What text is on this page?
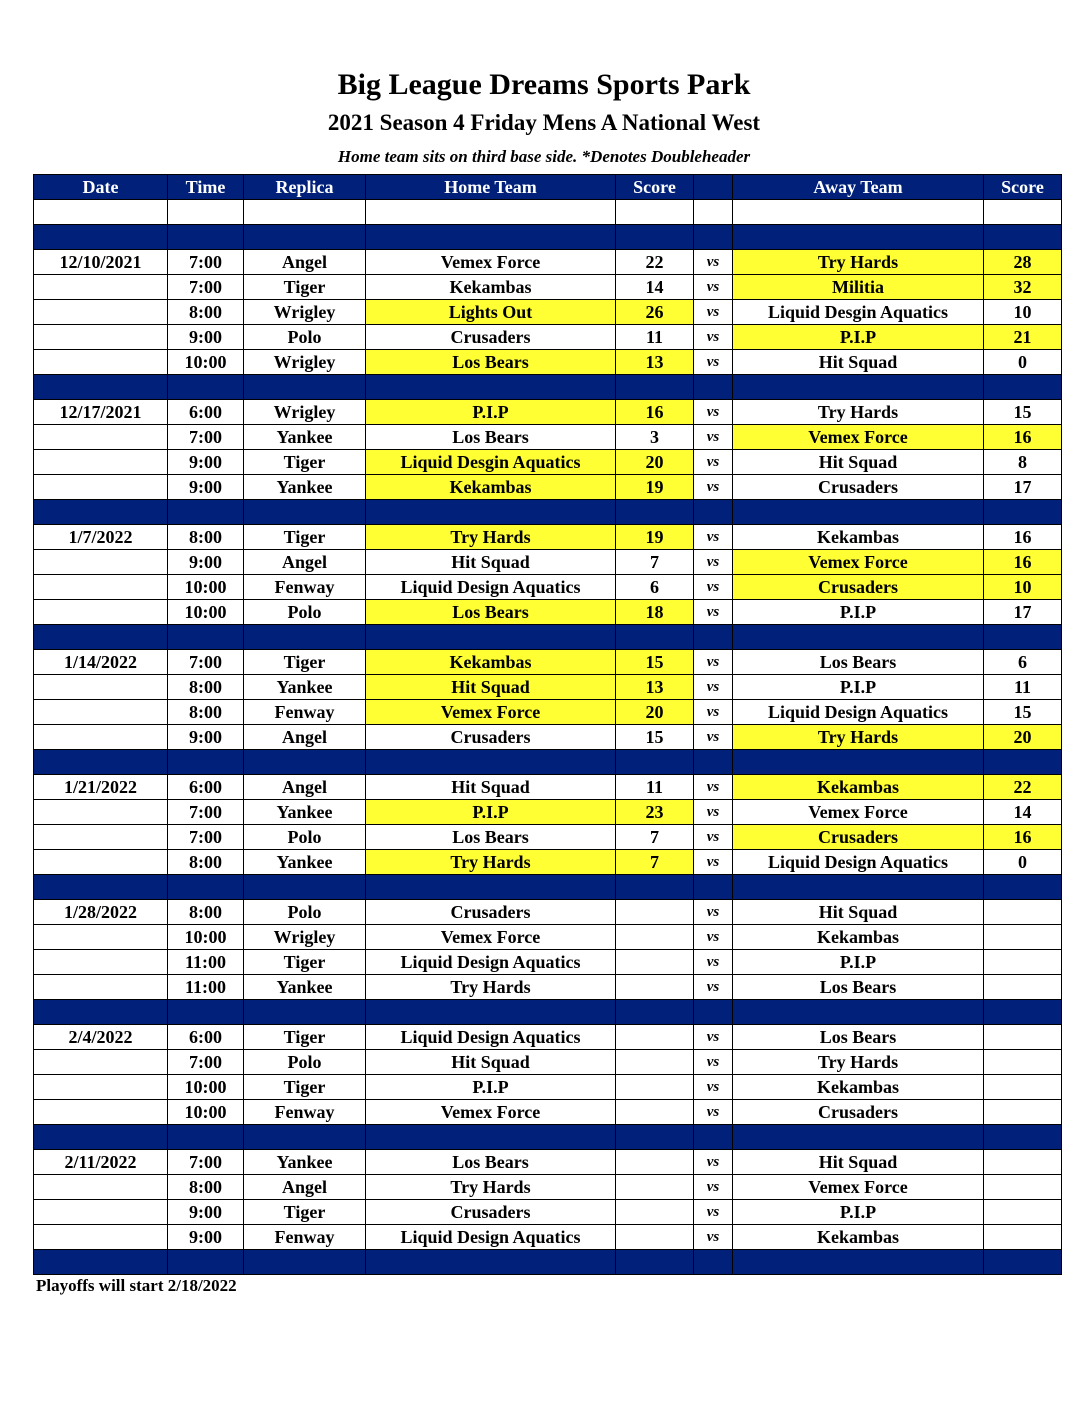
Big League Dreams Sports Park
2021 Season 4 Friday Mens A National West
Home team sits on third base side. *Denotes Doubleheader
Date	Time	Replica	Home Team	Score		Away Team	Score

12/10/2021	7:00	Angel	Vemex Force	22	vs	Try Hards	28
	7:00	Tiger	Kekambas	14	vs	Militia	32
	8:00	Wrigley	Lights Out	26	vs	Liquid Desgin Aquatics	10
	9:00	Polo	Crusaders	11	vs	P.I.P	21
	10:00	Wrigley	Los Bears	13	vs	Hit Squad	0

12/17/2021	6:00	Wrigley	P.I.P	16	vs	Try Hards	15
	7:00	Yankee	Los Bears	3	vs	Vemex Force	16
	9:00	Tiger	Liquid Desgin Aquatics	20	vs	Hit Squad	8
	9:00	Yankee	Kekambas	19	vs	Crusaders	17

1/7/2022	8:00	Tiger	Try Hards	19	vs	Kekambas	16
	9:00	Angel	Hit Squad	7	vs	Vemex Force	16
	10:00	Fenway	Liquid Design Aquatics	6	vs	Crusaders	10
	10:00	Polo	Los Bears	18	vs	P.I.P	17

1/14/2022	7:00	Tiger	Kekambas	15	vs	Los Bears	6
	8:00	Yankee	Hit Squad	13	vs	P.I.P	11
	8:00	Fenway	Vemex Force	20	vs	Liquid Design Aquatics	15
	9:00	Angel	Crusaders	15	vs	Try Hards	20

1/21/2022	6:00	Angel	Hit Squad	11	vs	Kekambas	22
	7:00	Yankee	P.I.P	23	vs	Vemex Force	14
	7:00	Polo	Los Bears	7	vs	Crusaders	16
	8:00	Yankee	Try Hards	7	vs	Liquid Design Aquatics	0

1/28/2022	8:00	Polo	Crusaders		vs	Hit Squad	
	10:00	Wrigley	Vemex Force		vs	Kekambas	
	11:00	Tiger	Liquid Design Aquatics		vs	P.I.P	
	11:00	Yankee	Try Hards		vs	Los Bears	

2/4/2022	6:00	Tiger	Liquid Design Aquatics		vs	Los Bears	
	7:00	Polo	Hit Squad		vs	Try Hards	
	10:00	Tiger	P.I.P		vs	Kekambas	
	10:00	Fenway	Vemex Force		vs	Crusaders	

2/11/2022	7:00	Yankee	Los Bears		vs	Hit Squad	
	8:00	Angel	Try Hards		vs	Vemex Force	
	9:00	Tiger	Crusaders		vs	P.I.P	
	9:00	Fenway	Liquid Design Aquatics		vs	Kekambas	

Playoffs will start 2/18/2022
